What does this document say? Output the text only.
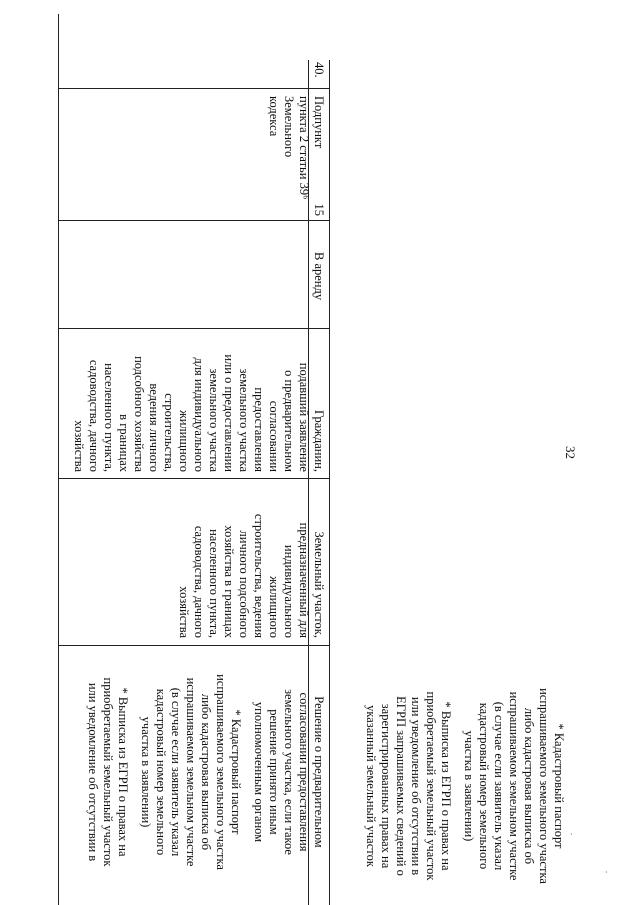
* Кадастровый паспорт
испрашиваемого земельного участка
либо кадастровая выписка об
испрашиваемом земельном участке
(в случае если заявитель указал
кадастровый номер земельного
участка в заявлении)
* Выписка из ЕГРП о правах на
приобретаемый земельный участок
или уведомление об отсутствии в
ЕГРП запрашиваемых сведений о
зарегистрированных правах на
указанный земельный участок
32
40.
Подпункт
15
пункта 2 статьи 39⁶
Земельного
кодекса
В аренду
Гражданин,
подавший заявление
о предварительном
согласовании
предоставления
земельного участка
или о предоставлении
земельного участка
для индивидуального
жилищного
строительства,
ведения личного
подсобного хозяйства
в границах
населенного пункта,
садоводства, дачного
хозяйства
Земельный участок,
предназначенный для
индивидуального
жилищного
строительства, ведения
личного подсобного
хозяйства в границах
населенного пункта,
садоводства, дачного
хозяйства
Решение о предварительном
согласовании предоставления
земельного участка, если такое
решение принято иным
уполномоченным органом
* Кадастровый паспорт
испрашиваемого земельного участка
либо кадастровая выписка об
испрашиваемом земельном участке
(в случае если заявитель указал
кадастровый номер земельного
участка в заявлении)
* Выписка из ЕГРП о правах на
приобретаемый земельный участок
или уведомление об отсутствии в	·
·
